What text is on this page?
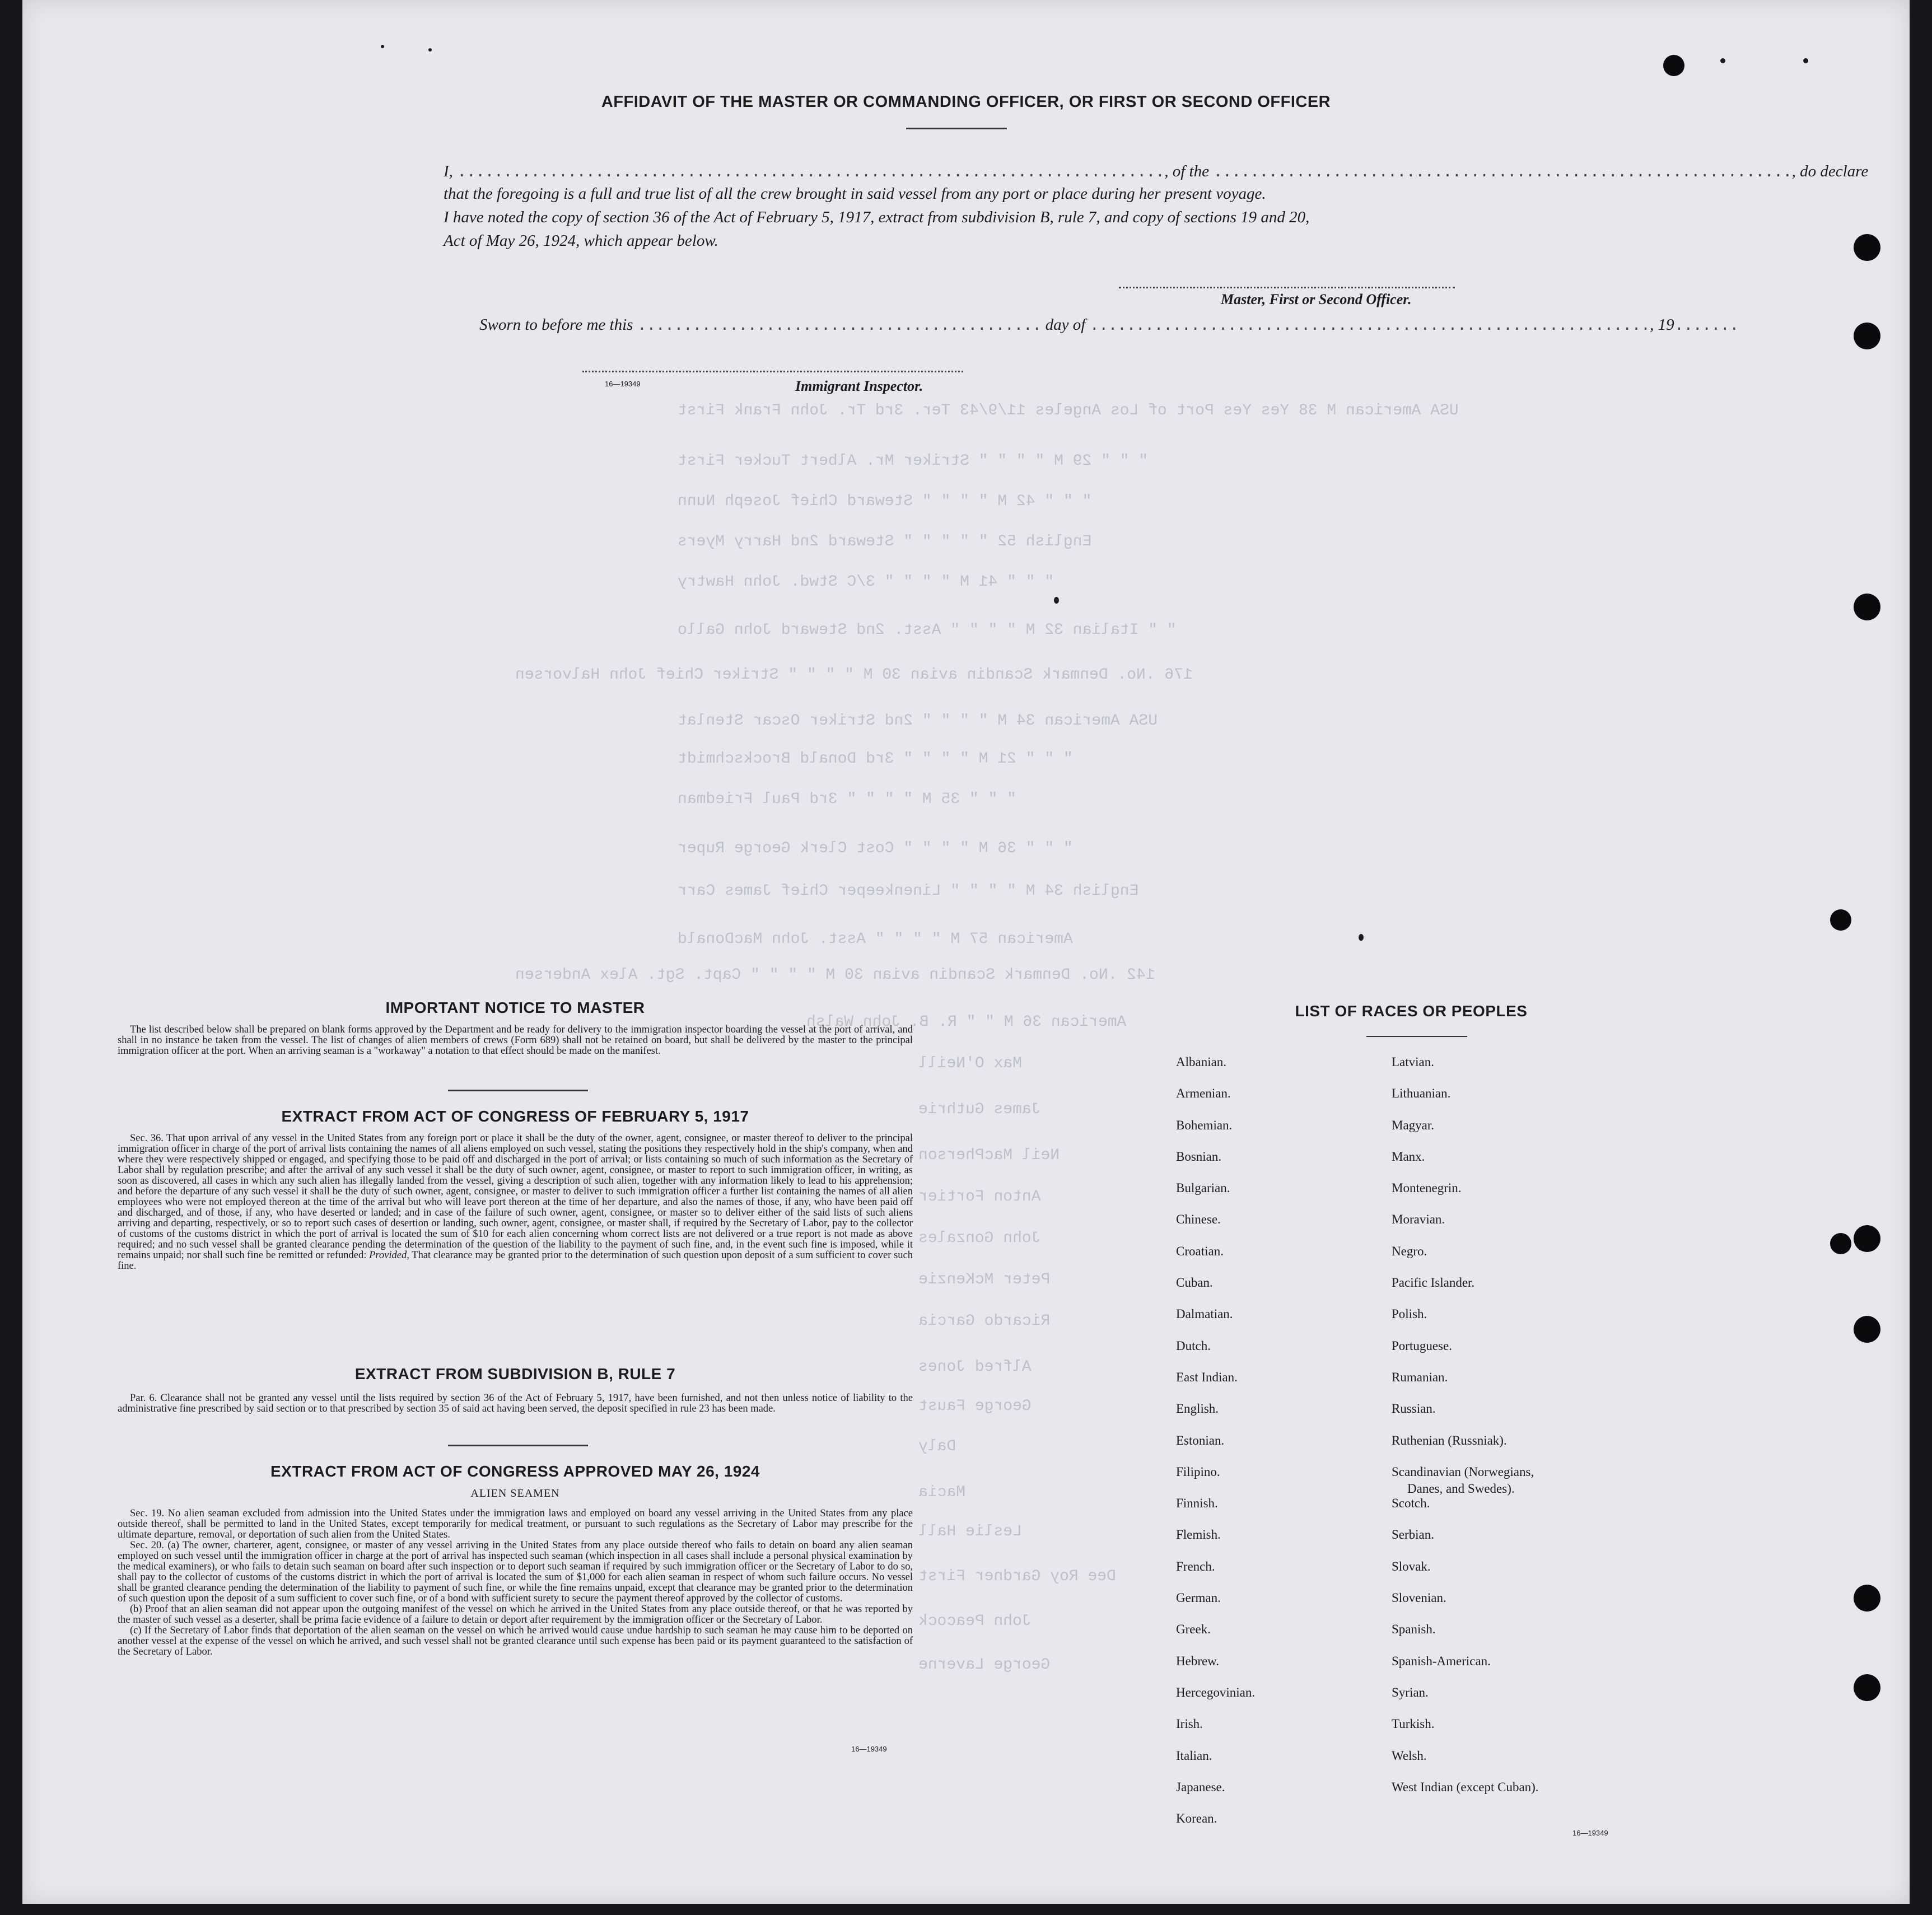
USA American M 38 Yes Yes Port of Los Angeles 11/9/43 Ter. 3rd Tr. John Frank First
" " " 29 M " " " " Striker Mr. Albert Tucker First
" " " 42 M " " " " Steward Chief Joseph Nunn
English 52 " " " " " Steward 2nd Harry Myers
" " " 41 M " " " " 3/C Stwd. John Hawtry
" " Italian 32 M " " " " Asst. 2nd Steward John Gallo
176 .No. Denmark Scandin avian 30 M " " " " Striker Chief John Halvorsen
USA American 34 M " " " " 2nd Striker Oscar Stenlat
" " " 21 M " " " " 3rd Donald Brockschmidt
" " " 35 M " " " " 3rd Paul Friedman
" " " 36 M " " " " Cost Clerk George Ruper
English 34 M " " " " Linenkeeper Chief James Carr
American 57 M " " " " Asst. John MacDonald
142 .No. Denmark Scandin avian 30 M " " " " Capt. Sgt. Alex Andersen
American 36 M " " R. B. John Walsh
Max O'Neill
James Guthrie
Neil MacPherson
Anton Fortier
John Gonzales
Peter McKenzie
Ricardo Garcia
Alfred Jones
George Faust
Daly
Macia
Leslie Hall
Dee Roy Gardner First
John Peacock
George Laverne
AFFIDAVIT OF THE MASTER OR COMMANDING OFFICER, OR FIRST OR SECOND OFFICER
I, ............................................................................., of the ..............................................................., do declare
that the foregoing is a full and true list of all the crew brought in said vessel from any port or place during her present voyage.
I have noted the copy of section 36 of the Act of February 5, 1917, extract from subdivision B, rule 7, and copy of sections 19 and 20,
Act of May 26, 1924, which appear below.
Master, First or Second Officer.
Sworn to before me this ............................................ day of ............................................................., 19.......
16—19349	Immigrant Inspector.
IMPORTANT NOTICE TO MASTER
The list described below shall be prepared on blank forms approved by the Department and be ready for delivery to the immigration inspector boarding the vessel at the port of arrival, and shall in no instance be taken from the vessel. The list of changes of alien members of crews (Form 689) shall not be retained on board, but shall be delivered by the master to the principal immigration officer at the port. When an arriving seaman is a "workaway" a notation to that effect should be made on the manifest.
EXTRACT FROM ACT OF CONGRESS OF FEBRUARY 5, 1917
Sec. 36. That upon arrival of any vessel in the United States from any foreign port or place it shall be the duty of the owner, agent, consignee, or master thereof to deliver to the principal immigration officer in charge of the port of arrival lists containing the names of all aliens employed on such vessel, stating the positions they respectively hold in the ship's company, when and where they were respectively shipped or engaged, and specifying those to be paid off and discharged in the port of arrival; or lists containing so much of such information as the Secretary of Labor shall by regulation prescribe; and after the arrival of any such vessel it shall be the duty of such owner, agent, consignee, or master to report to such immigration officer, in writing, as soon as discovered, all cases in which any such alien has illegally landed from the vessel, giving a description of such alien, together with any information likely to lead to his apprehension; and before the departure of any such vessel it shall be the duty of such owner, agent, consignee, or master to deliver to such immigration officer a further list containing the names of all alien employees who were not employed thereon at the time of the arrival but who will leave port thereon at the time of her departure, and also the names of those, if any, who have been paid off and discharged, and of those, if any, who have deserted or landed; and in case of the failure of such owner, agent, consignee, or master so to deliver either of the said lists of such aliens arriving and departing, respectively, or so to report such cases of desertion or landing, such owner, agent, consignee, or master shall, if required by the Secretary of Labor, pay to the collector of customs of the customs district in which the port of arrival is located the sum of $10 for each alien concerning whom correct lists are not delivered or a true report is not made as above required; and no such vessel shall be granted clearance pending the determination of the question of the liability to the payment of such fine, and, in the event such fine is imposed, while it remains unpaid; nor shall such fine be remitted or refunded: Provided, That clearance may be granted prior to the determination of such question upon deposit of a sum sufficient to cover such fine.
EXTRACT FROM SUBDIVISION B, RULE 7
Par. 6. Clearance shall not be granted any vessel until the lists required by section 36 of the Act of February 5, 1917, have been furnished, and not then unless notice of liability to the administrative fine prescribed by said section or to that prescribed by section 35 of said act having been served, the deposit specified in rule 23 has been made.
EXTRACT FROM ACT OF CONGRESS APPROVED MAY 26, 1924
ALIEN SEAMEN
Sec. 19. No alien seaman excluded from admission into the United States under the immigration laws and employed on board any vessel arriving in the United States from any place outside thereof, shall be permitted to land in the United States, except temporarily for medical treatment, or pursuant to such regulations as the Secretary of Labor may prescribe for the ultimate departure, removal, or deportation of such alien from the United States.
Sec. 20. (a) The owner, charterer, agent, consignee, or master of any vessel arriving in the United States from any place outside thereof who fails to detain on board any alien seaman employed on such vessel until the immigration officer in charge at the port of arrival has inspected such seaman (which inspection in all cases shall include a personal physical examination by the medical examiners), or who fails to detain such seaman on board after such inspection or to deport such seaman if required by such immigration officer or the Secretary of Labor to do so, shall pay to the collector of customs of the customs district in which the port of arrival is located the sum of $1,000 for each alien seaman in respect of whom such failure occurs. No vessel shall be granted clearance pending the determination of the liability to payment of such fine, or while the fine remains unpaid, except that clearance may be granted prior to the determination of such question upon the deposit of a sum sufficient to cover such fine, or of a bond with sufficient surety to secure the payment thereof approved by the collector of customs.
(b) Proof that an alien seaman did not appear upon the outgoing manifest of the vessel on which he arrived in the United States from any place outside thereof, or that he was reported by the master of such vessel as a deserter, shall be prima facie evidence of a failure to detain or deport after requirement by the immigration officer or the Secretary of Labor.
(c) If the Secretary of Labor finds that deportation of the alien seaman on the vessel on which he arrived would cause undue hardship to such seaman he may cause him to be deported on another vessel at the expense of the vessel on which he arrived, and such vessel shall not be granted clearance until such expense has been paid or its payment guaranteed to the satisfaction of the Secretary of Labor.
16—19349
LIST OF RACES OR PEOPLES
Albanian.
Armenian.
Bohemian.
Bosnian.
Bulgarian.
Chinese.
Croatian.
Cuban.
Dalmatian.
Dutch.
East Indian.
English.
Estonian.
Filipino.
Finnish.
Flemish.
French.
German.
Greek.
Hebrew.
Hercegovinian.
Irish.
Italian.
Japanese.
Korean.
Latvian.
Lithuanian.
Magyar.
Manx.
Montenegrin.
Moravian.
Negro.
Pacific Islander.
Polish.
Portuguese.
Rumanian.
Russian.
Ruthenian (Russniak).
Scandinavian (Norwegians,
Danes, and Swedes).
Scotch.
Serbian.
Slovak.
Slovenian.
Spanish.
Spanish-American.
Syrian.
Turkish.
Welsh.
West Indian (except Cuban).
16—19349
